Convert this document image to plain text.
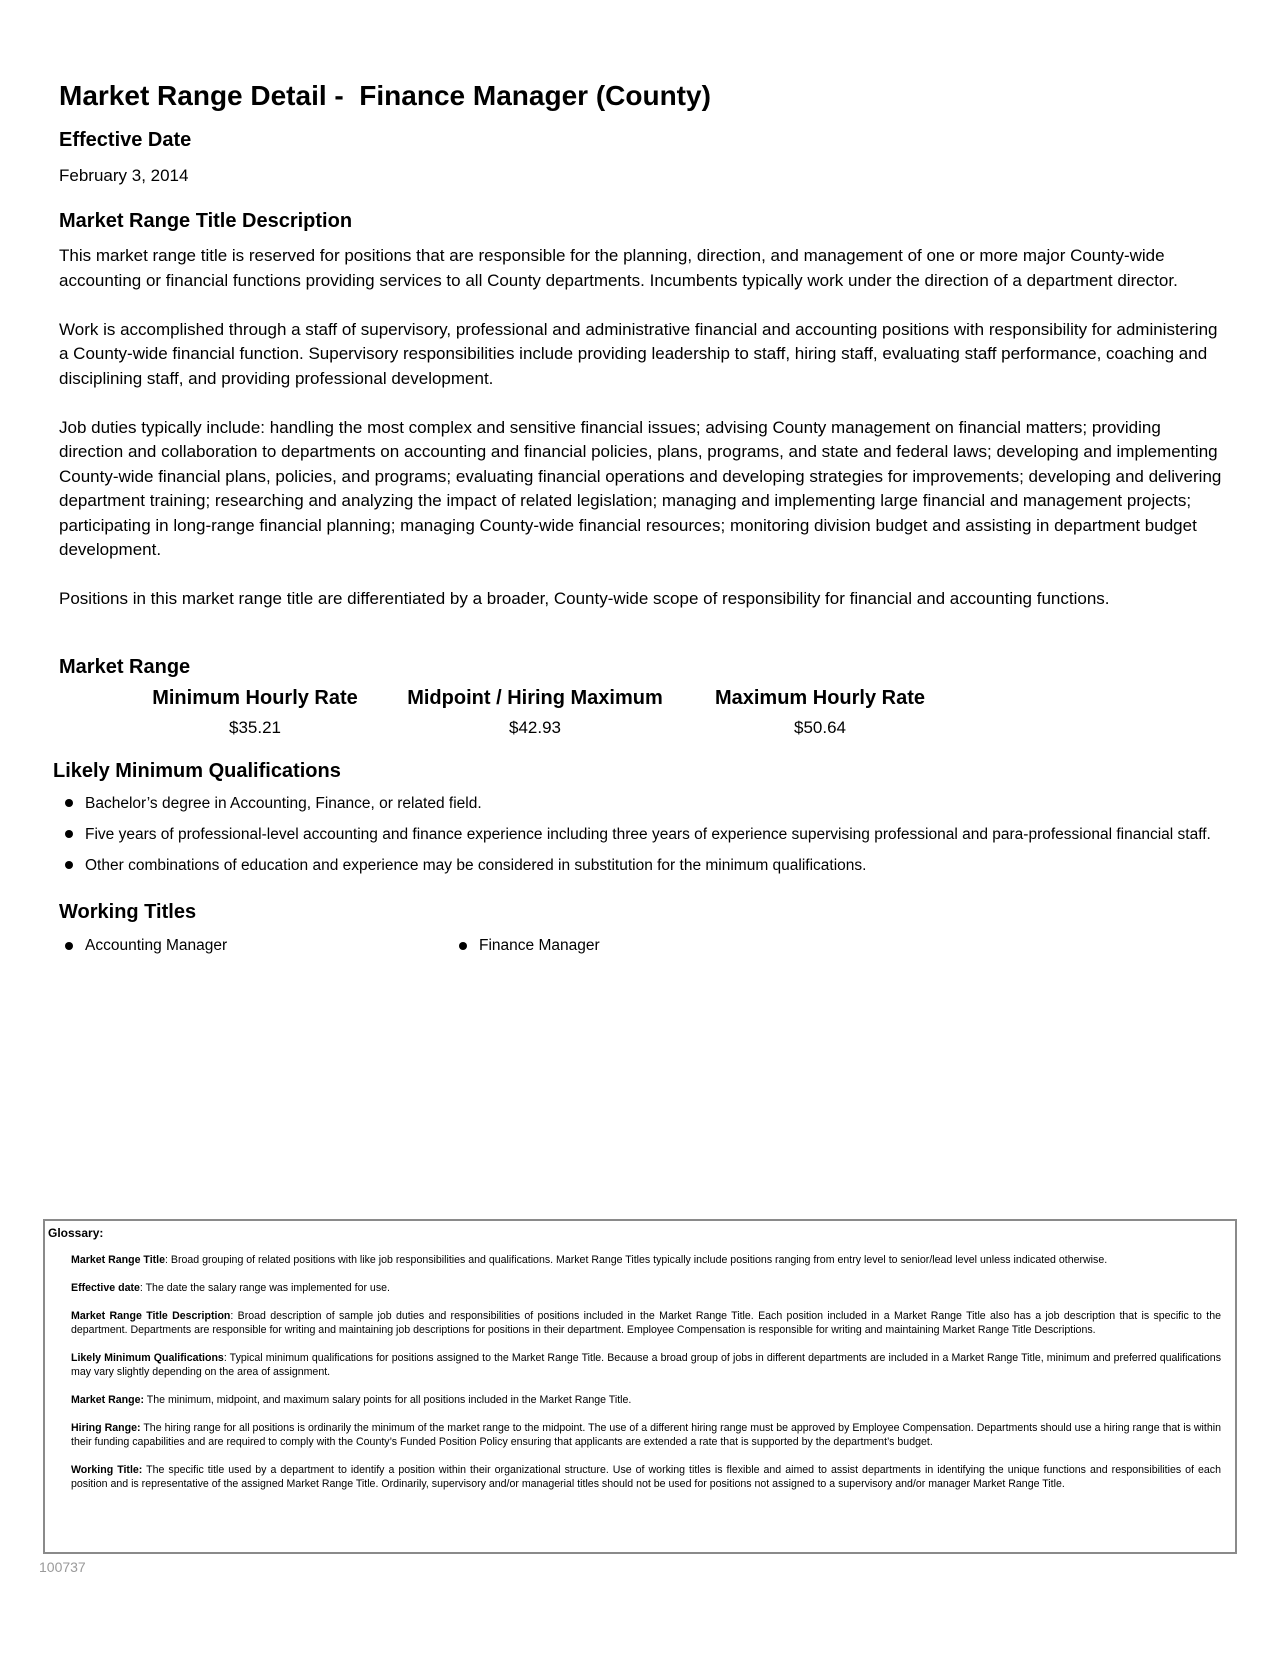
Market Range Detail -  Finance Manager (County)
Effective Date
February 3, 2014
Market Range Title Description

This market range title is reserved for positions that are responsible for the planning, direction, and management of one or more major County-wide accounting or financial functions providing services to all County departments. Incumbents typically work under the direction of a department director.

Work is accomplished through a staff of supervisory, professional and administrative financial and accounting positions with responsibility for administering a County-wide financial function. Supervisory responsibilities include providing leadership to staff, hiring staff, evaluating staff performance, coaching and disciplining staff, and providing professional development.

Job duties typically include: handling the most complex and sensitive financial issues; advising County management on financial matters; providing direction and collaboration to departments on accounting and financial policies, plans, programs, and state and federal laws; developing and implementing County-wide financial plans, policies, and programs; evaluating financial operations and developing strategies for improvements; developing and delivering department training; researching and analyzing the impact of related legislation; managing and implementing large financial and management projects; participating in long-range financial planning; managing County-wide financial resources; monitoring division budget and assisting in department budget development.

Positions in this market range title are differentiated by a broader, County-wide scope of responsibility for financial and accounting functions.

Market Range
Minimum Hourly Rate	Midpoint / Hiring Maximum	Maximum Hourly Rate
$35.21	$42.93	$50.64
Likely Minimum Qualifications
Bachelor’s degree in Accounting, Finance, or related field.
Five years of professional-level accounting and finance experience including three years of experience supervising professional and para-professional financial staff.
Other combinations of education and experience may be considered in substitution for the minimum qualifications.
Working Titles
Accounting Manager	Finance Manager
Glossary:

Market Range Title: Broad grouping of related positions with like job responsibilities and qualifications. Market Range Titles typically include positions ranging from entry level to senior/lead level unless indicated otherwise.

Effective date: The date the salary range was implemented for use.

Market Range Title Description: Broad description of sample job duties and responsibilities of positions included in the Market Range Title. Each position included in a Market Range Title also has a job description that is specific to the department. Departments are responsible for writing and maintaining job descriptions for positions in their department. Employee Compensation is responsible for writing and maintaining Market Range Title Descriptions.

Likely Minimum Qualifications: Typical minimum qualifications for positions assigned to the Market Range Title. Because a broad group of jobs in different departments are included in a Market Range Title, minimum and preferred qualifications may vary slightly depending on the area of assignment.

Market Range: The minimum, midpoint, and maximum salary points for all positions included in the Market Range Title.

Hiring Range: The hiring range for all positions is ordinarily the minimum of the market range to the midpoint. The use of a different hiring range must be approved by Employee Compensation. Departments should use a hiring range that is within their funding capabilities and are required to comply with the County’s Funded Position Policy ensuring that applicants are extended a rate that is supported by the department’s budget.

Working Title: The specific title used by a department to identify a position within their organizational structure. Use of working titles is flexible and aimed to assist departments in identifying the unique functions and responsibilities of each position and is representative of the assigned Market Range Title. Ordinarily, supervisory and/or managerial titles should not be used for positions not assigned to a supervisory and/or manager Market Range Title.

100737
